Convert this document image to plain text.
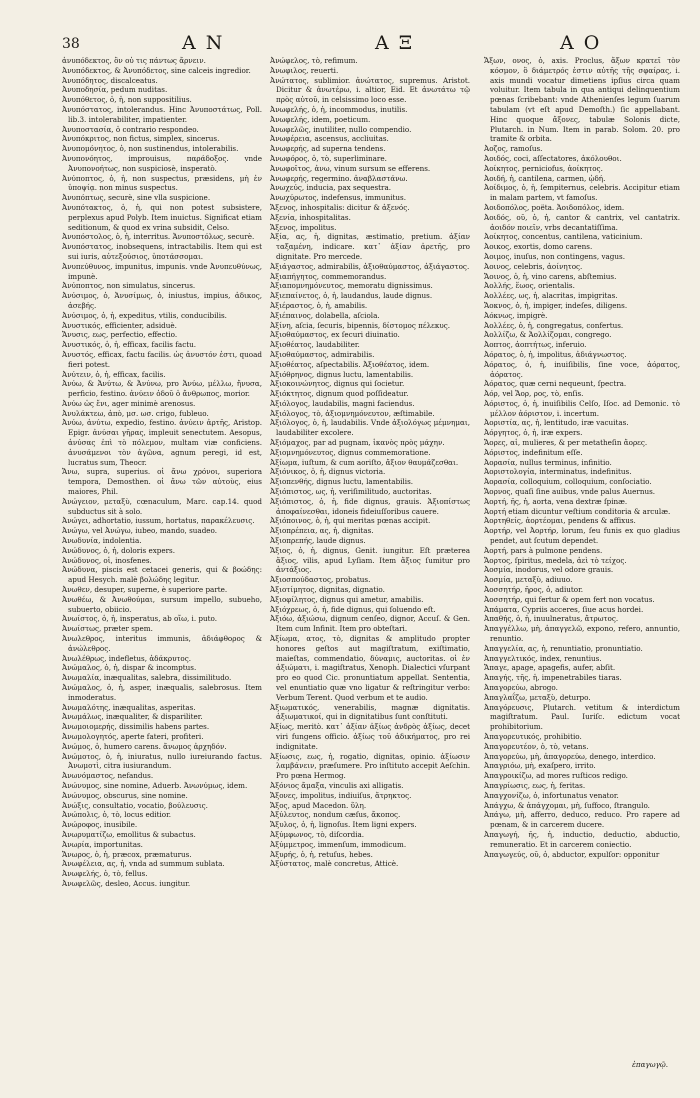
38	A N	A Ξ	A O

ἀνυπόδεκτος, ὃν οὐ τις πάντως ἄρνειν.

Ἀνυπόδεκτος, & Ἀνυπόδετος, sine calceis ingredior.

Ἀνυπόδητος, discalceatus.

Ἀνυποδησία, pedum nuditas.

Ἀνυπόθετος, ὁ, ἡ, non suppositilius.

Ἀνυπόστατος, intolerandus. Hinc Ἀνυποστάτως, Poll. lib.3. intolerabiliter, impatienter.

Ἀνυποστασία, ὁ contrario respondeo.

Ἀνυπόκριτος, non fictus, simplex, sincerus.

Ἀνυπομόνητος, ὁ, non sustinendus, intolerabilis.

Ἀνυπονόητος, improuisus, παράδοξος. vnde Ἀνυπονοήτως, non suspiciosè, insperatò.

Ἀνύποπτος, ὁ, ἡ, non suspectus, præsidens, μὴ ἐν ὑποψίᾳ. non minus suspectus.

Ἀνυπόπτως, securè, sine vlla suspicione.

Ἀνυπότακτος, ὁ, ἡ, qui non potest subsistere, perplexus apud Polyb. Item inuictus. Significat etiam seditionum, & quod ex vrina subsidit, Celso.

Ἀνυπόστολος, ὁ, ἡ, interritus. Ἀνυποστόλως, securè.

Ἀνυπόστατος, inobsequens, intractabilis. Item qui est sui iuris, αὐτεξούσιος, ὑποτάσσομαι.

Ἀνυπεύθυνος, impunitus, impunis. vnde Ἀνυπευθύνως, impunè.

Ἀνύποπτος, non simulatus, sincerus.

Ἀνύσιμος, ὁ, Ἀνυσίμως, ὁ, iniustus, impius, ἀδικος, ἀσεβής.

Ἀνύσιμος, ὁ, ἡ, expeditus, vtilis, conducibilis.

Ἀνυστικός, efficienter, adsiduè.

Ἄνυσις, εως, perfectio, effectio.

Ἀνυστικός, ὁ, ἡ, efficax, facilis factu.

Ἀνυστός, efficax, factu facilis. ὡς ἀνυστόν ἐστι, quoad fieri potest.

Ἀνύτειν, ὁ, ἡ, efficax, facilis.

Ἀνύω, & Ἀνύτω, & Ἀνύνω, pro Ἀνύω, μέλλω, ἤνυσα, perficio, festino. ἀνύειν ὁδοῦ ὁ ἄνθρωπος, morior.

Ἀνύω ὡς ἔνι, ager minimè arenosus.

Ἀνυλάκτεω, ἀπὸ, μσ. ωσ. crigo, fubleuo.

Ἀνύω, ἀνύτω, expedio, festino. ἀνύειν ἀρτῆς, Aristop. Epigr. ἀνύσαι γῆρας, impleuit senectutem. Aesopus, ἀνύσας ἐπὶ τὸ πόλεμον, multam viæ conficiens. ἀνυσάμενοι τὸν ἀγῶνα, agnum peregi, id est, lucratus sum, Theocr.

Ἄνω, supra, superius. οἱ ἄνω χρόνοι, superiora tempora, Demosthen. οἱ ἄνω τῶν αὐτοὺς, eius maiores, Phil.

Ἀνώγειον, μεταξὺ, cœnaculum, Marc. cap.14. quod subductus sit à solo.

Ἀνώγει, adhortatio, iussum, hortatus, παρακέλευσις.

Ἀνώγω, vel Ἀνώγω, iubeo, mando, suadeo.

Ἀνωδυνία, indolentia.

Ἀνώδυνος, ὁ, ἡ, doloris expers.

Ἀνώδυνος, οἱ, inosfenes.

Ἀνώδυνα, piscis est cetacei generis, qui & βοώδης: apud Hesych. malè βολώδης legitur.

Ἀνωθεν, desuper, superne, è superiore parte.

Ἀνωθέω, & Ἀνωθούμαι, sursum impello, subueho, subuerto, obiicio.

Ἀνωίστος, ὁ, ἡ, insperatus, ab οἴω, i. puto.

Ἀνωίστως, præter spem.

Ἀνωλεθρος, interitus immunis, ἀδιάφθορος & ἀνώλεθρος.

Ἀνωλέθρως, indefletus, ἀδάκρυτος.

Ἀνώμαλος, ὁ, ἡ, dispar & incomptus.

Ἀνωμαλία, inæqualitas, salebra, dissimilitudo.

Ἀνώμαλος, ὁ, ἡ, asper, inæqualis, salebrosus. Item inmoderatus.

Ἀνωμαλότης, inæqualitas, asperitas.

Ἀνωμάλως, inæqualiter, & dispariliter.

Ἀνωμοιομερής, dissimilis habens partes.

Ἀνωμολογητός, aperte fateri, profiteri.

Ἀνώμος, ὁ, humero carens. ἄνωμος ἀρχηδόν.

Ἀνώμοτος, ὁ, ἡ, iniuratus, nullo iureiurando factus. Ἀνωμοτὶ, citra iusiurandum.

Ἀνωνόμαστος, nefandus.

Ἀνώνυμος, sine nomine, Aduerb. Ἀνωνύμως, idem.

Ἀνώνυμος, obscurus, sine nomine.

Ἀνώξις, consultatio, vocatio, βούλευσις.

Ἀνώπολις, ὁ, τὸ, locus editior.

Ἀνώροφος, inusibile.

Ἀνωρυματίζω, emollitus & subactus.

Ἀνωρία, importunitas.

Ἄνωρος, ὁ, ἡ, præcox, præmaturus.

Ἀνωφέλεια, ας, ἡ, vnda ad summum sublata.

Ἀνωφελής, ὁ, τὸ, fellus.

Ἀνωφελῶς, desleo, Accus. iungitur.

Ἀνώφελος, τὸ, refimum.

Ἀνωφιλος, reuerti.

Ἀνώτατος, sublimior. ἀνώτατος, supremus. Aristot. Dicitur & ἀνωτέρω, i. altior, Eid. Et ἀνωτάτω τῷ πρὸς αὐτοῦ, in celsissimo loco esse.

Ἀνωφελής, ὁ, ἡ, incommodus, inutilis.

Ἀνωφελής, idem, poeticum.

Ἀνωφελῶς, inutiliter, nullo compendio.

Ἀνωφέρεια, ascensus, accliuitas.

Ἀνωφερής, ad superna tendens.

Ἀνωφόρος, ὁ, τὸ, superliminare.

Ἀνωφοῖτος, ἀνω, vinum sursum se efferens.

Ἀνωφερής, regermino. ἀναβλαστάνω.

Ἀνωχεύς, inducia, pax sequestra.

Ἀνωχύρωτος, indefensus, immunitus.

Ἄξενος, inhospitalis: dicitur & ἀξενός.

Ἀξενία, inhospitalitas.

Ἄξενος, impolitus.

Ἀξία, ας, ἡ, dignitas, æstimatio, pretium. ἀξίαν ταξαμένη, indicare. κατ᾽ ἀξίαν ἀρετῆς, pro dignitate. Pro mercede.

Ἀξιάγαστος, admirabilis, ἀξιοθαύμαστος, ἀξιάγαστος.

Ἀξιαπήγητος, commemorandus.

Ἀξιαπομνημόνευτος, memoratu dignissimus.

Ἀξιεπαίνετος, ὁ, ἡ, laudandus, laude dignus.

Ἀξιέραστος, ὁ, ἡ, amabilis.

Ἀξιέπαινος, dolabella, aſciola.

Ἀξίνη, aſcia, ſecuris, bipennis, δίστομος πέλεκυς.

Ἀξιοθαύμαστος, ex ſecuri diuinatio.

Ἀξιοθέατος, laudabiliter.

Ἀξιοθαύμαστος, admirabilis.

Ἀξιοθέατος, aſpectabilis. Ἀξιοθέατος, idem.

Ἀξιόθρηνος, dignus luctu, lamentabilis.

Ἀξιοκοινώνητος, dignus qui ſocietur.

Ἀξιόκτητος, dignum quod poſſideatur.

Ἀξιόλογος, laudabilis, magni faciendus.

Ἀξιόλογος, τὸ, ἀξιομνημόνευτον, æſtimabile.

Ἀξιόλογος, ὁ, ἡ, laudabilis. Vnde ἀξιολόγως μέμνημαι, laudabiliter excolere.

Ἀξιόμαχος, par ad pugnam, ἱκανὸς πρὸς μάχην.

Ἀξιομνημόνευτος, dignus commemoratione.

Ἀξίωμα, iuſtum, & cum aoriſto, ἄξιον θαυμάζεσθαι.

Ἀξιόνικος, ὁ, ἡ, dignus victoria.

Ἀξιοπενθής, dignus luctu, lamentabilis.

Ἀξιόπιστος, ως, ἡ, veriſimilitudo, auctoritas.

Ἀξιόπιστος, ὁ, ἡ, fide dignus, grauis. Ἀξιοπίστως ἀποφαίνεσθαι, idoneis fideiuſſoribus cauere.

Ἀξιόποινος, ὁ, ἡ, qui meritas pœnas accipit.

Ἀξιοπρέπεια, ας, ἡ, dignitas.

Ἀξιοπρεπής, laude dignus.

Ἄξιος, ὁ, ἡ, dignus, Genit. iungitur. Eſt præterea ἄξιος, vilis, apud Lyſiam. Item ἄξιος ſumitur pro ἀντάξιος.

Ἀξιοσπούδαστος, probatus.

Ἀξιοτίμητος, dignitas, dignatio.

Ἀξιοφίλητος, dignus qui ametur, amabilis.

Ἀξιόχρεως, ὁ, ἡ, fide dignus, qui ſoluendo eſt.

Ἀξιόω, ἀξιώσω, dignum cenſeo, dignor, Accuſ. & Gen. Item cum Infinit. Item pro obteſtari.

Ἀξίωμα, ατος, τὸ, dignitas & amplitudo propter honores geſtos aut magiſtratum, exiſtimatio, maieſtas, commendatio, δύναμις, auctoritas. οἱ ἐν ἀξιώματι, i. magiſtratus, Xenoph. Dialectici vſurpant pro eo quod Cic. pronuntiatum appellat. Sententia, vel enuntiatio quæ vno ligatur & reſtringitur verbo: Verbum Terent. Quod verbum et te audio.

Ἀξιωματικός, venerabilis, magnæ dignitatis. ἀξιωματικοί, qui in dignitatibus ſunt conſtituti.

Ἀξίως, meritò. κατ᾽ ἀξίαν ἀξίως ἀνδρὸς ἀξίως, decet viri fungens officio. ἀξίως τοῦ ἀδικήματος, pro rei indignitate.

Ἀξίωσις, εως, ἡ, rogatio, dignitas, opinio. ἀξίωσιν λαμβάνειν, præſumere. Pro inſtituto accepit Aeſchin. Pro pœna Hermog.

Ἀξόνιος ἄμαξα, vinculis axi alligatis.

Ἄξονες, impolitus, indiuiſus, ἄτρηκτος.

Ἄξος, apud Macedon. ὕλη.

Ἀξύλευτος, nondum cæſus, ἄκοπος.

Ἄξυλος, ὁ, ἡ, lignoſus. Item ligni expers.

Ἀξύμφωνος, τὸ, diſcordia.

Ἀξύμμετρος, immenſum, immodicum.

Ἀξυρής, ὁ, ἡ, retuſus, hebes.

Ἀξύστατος, malè concretus, Atticè.

Ἄξων, ονος, ὁ, axis. Proclus, ἄξων κρατεῖ τὸν κόσμον, ὃ διάμετρός ἐστιν αὐτῆς τῆς σφαίρας, i. axis mundi vocatur dimetiens ipſius circa quam voluitur. Item tabula in qua antiqui delinquentium pœnas ſcribebant: vnde Athenienſes legum ſuarum tabulam (vt eſt apud Demoſth.) ſic appellabant. Hinc quoque ἄξονες, tabulæ Solonis dicte, Plutarch. in Num. Item in parab. Solom. 20. pro tramite & orbita.

Ἀοζος, ramoſus.

Ἀοιδός, coci, aſſectatores, ἀκόλουθοι.

Ἀοίκητος, perniciofus, ἀοίκητος.

Ἀοιδή, ἡ, cantilena, carmen, ᾠδή.

Ἀοίδιμος, ὁ, ἡ, ſempiternus, celebris. Accipitur etiam in malam partem, vt famoſus.

Ἀοιδοπόλος, poëta. Ἀοιδοπόλος, idem.

Ἀοιδός, οῦ, ὁ, ἡ, cantor & cantrix, vel cantatrix. ἀοιδόν ποιεῖν, vrbs decantatiſſima.

Ἀοίκητος, concentus, cantilena, vaticinium.

Ἀοικος, exortis, domo carens.

Ἀοιμος, inuſus, non contingens, vagus.

Ἀοινος, celebris, ἀοίνητος.

Ἄοινος, ὁ, ἡ, vino carens, abſtemius.

Ἀολλής, ἕωος, orientalis.

Ἀολλέες, ως, ἡ, alacritas, impigritas.

Ἄοκνος, ὁ, ἡ, impiger, indeſes, diligens.

Ἀόκνως, impigrè.

Ἀολλέες, ὁ, ἡ, congregatus, confertus.

Ἀολλίζω, & Ἀολλίζομαι, congrego.

Ἀοπτος, ἀοπτήτως, inferuio.

Ἀόρατος, ὁ, ἡ, impolitus, ἀδιάγνωστος.

Ἀόρατος, ὁ, ἡ, inuiſibilis, ſine voce, ἀόρατος, ἀόρατος.

Ἀόρατος, quæ cerni nequeunt, ſpectra.

Ἀόρ, vel Ἄορ, ρος, τὸ, enſis.

Ἀόριστος, ὁ, ἡ, inuiſibilis Celſo, Iſoc. ad Demonic. τὸ μέλλον ἀόριστον, i. incertum.

Ἀοριστία, ας, ἡ, lentitudo, iræ vacuitas.

Ἀόργητος, ὁ, ἡ, iræ expers.

Ἄορες, αἱ, mulieres, & per metatheſin ἄορες.

Ἀόριστος, indefinitum eſſe.

Ἀορασία, nullus terminus, infinitio.

Ἀοριστολογία, interminatus, indefinitus.

Ἀορασία, colloquium, colloquium, conſociatio.

Ἄορνος, quaſi ſine auibus, vnde palus Auernus.

Ἀορτή, ῆς, ἡ, aorta, vena dextræ ſpinæ.

Ἀορτή etiam dicuntur veſtium conditoria & arculæ.

Ἀορτηθείς, ἀορτέομαι, pendens & affixus.

Ἀορτήρ, vel Ἀορτήρ, lorum, ſeu funis ex quo gladius pendet, aut ſcutum dependet.

Ἀορτή, pars à pulmone pendens.

Ἄορτος, ſpiritus, medela, ἀεὶ τὸ τείχος.

Ἀοσμία, inodorus, vel odore grauis.

Ἀοσμία, μεταξὺ, adiuuo.

Ἀοσσητήρ, ῆρος, ὁ, adiutor.

Ἀοσσητήρ, qui fertur & opem fert non vocatus.

Ἀπάματα, Cypriis acceres, ſiue acus hordei.

Ἀπαθής, ὁ, ἡ, inuulneratus, ἄτρωτος.

Ἀπαγγέλλω, μὴ, ἀπαγγελῶ, expono, refero, annuntio, renuntio.

Ἀπαγγελία, ας, ἡ, renuntiatio, pronuntiatio.

Ἀπαγγελτικός, index, renuntius.

Ἄπαγε, apage, apagefis, aufer, abſit.

Ἀπαγής, τῆς, ἡ, impenetrabiles tiaras.

Ἀπαγορεύω, abrogo.

Ἀπαγλαΐζω, μεταξὺ, deturpo.

Ἀπαγόρευσις, Plutarch. vetitum & interdictum magiſtratum. Paul. Iuriſc. edictum vocat prohibitorium.

Ἀπαγορευτικός, prohibitio.

Ἀπαγορευτέον, ὁ, τὸ, vetans.

Ἀπαγορεύω, μὴ, ἀπαγορεύω, denego, interdico.

Ἀπαγριόω, μὴ, exaſpero, irrito.

Ἀπαγροικίζω, ad mores ruſticos redigo.

Ἀπαγρίωσις, εως, ἡ, feritas.

Ἀπαγχονίζω, ὁ, infortunatus venator.

Ἀπάγχω, & ἀπάγχομαι, μὴ, ſuffoco, ſtrangulo.

Ἀπάγω, μὴ, afferro, deduco, reduco. Pro rapere ad pœnam, & in carcerem ducere.

Ἀπαγωγή, ῆς, ἡ, inductio, deductio, abductio, remuneratio. Et in carcerem coniectio.

Ἀπαγωγεύς, οῦ, ὁ, abductor, expulſor: opponitur

ἐπαγωγῷ.
